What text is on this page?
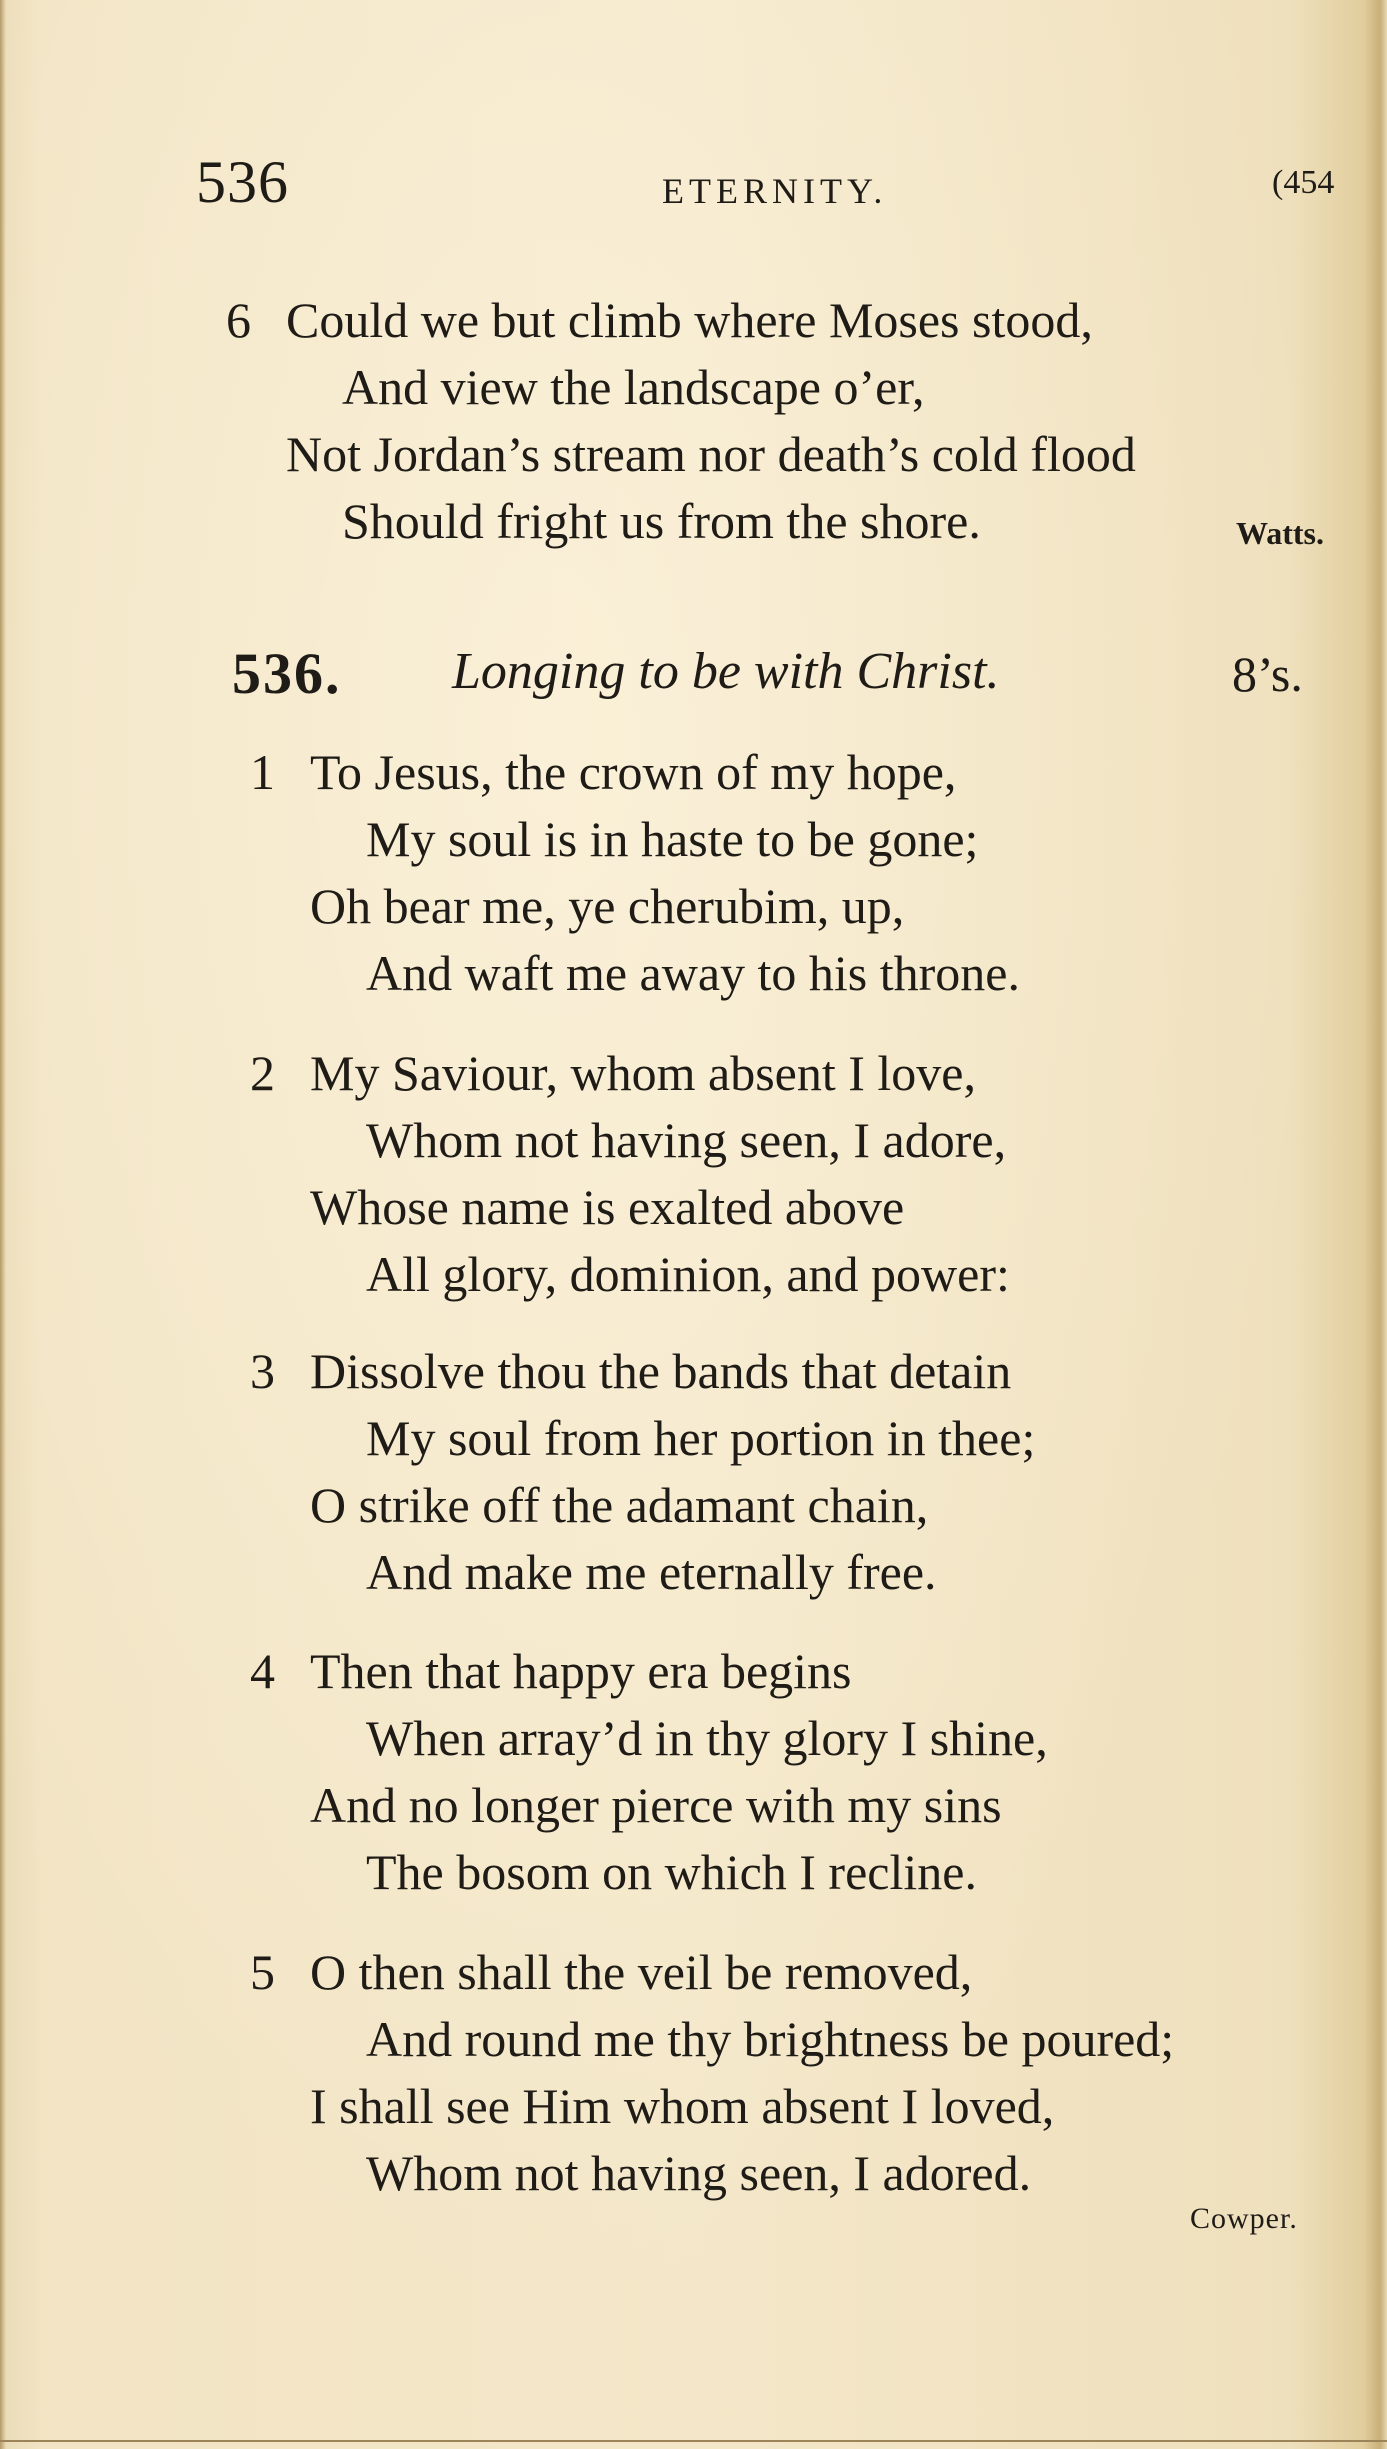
536	ETERNITY.	(454
6 Could we but climb where Moses stood,
And view the landscape o’er,
Not Jordan’s stream nor death’s cold flood
Should fright us from the shore.	Watts.
536. Longing to be with Christ.	8’s.
1 To Jesus, the crown of my hope,
My soul is in haste to be gone;
Oh bear me, ye cherubim, up,
And waft me away to his throne.
2 My Saviour, whom absent I love,
Whom not having seen, I adore,
Whose name is exalted above
All glory, dominion, and power:
3 Dissolve thou the bands that detain
My soul from her portion in thee;
O strike off the adamant chain,
And make me eternally free.
4 Then that happy era begins
When array’d in thy glory I shine,
And no longer pierce with my sins
The bosom on which I recline.
5 O then shall the veil be removed,
And round me thy brightness be poured;
I shall see Him whom absent I loved,
Whom not having seen, I adored.
Cowper.
